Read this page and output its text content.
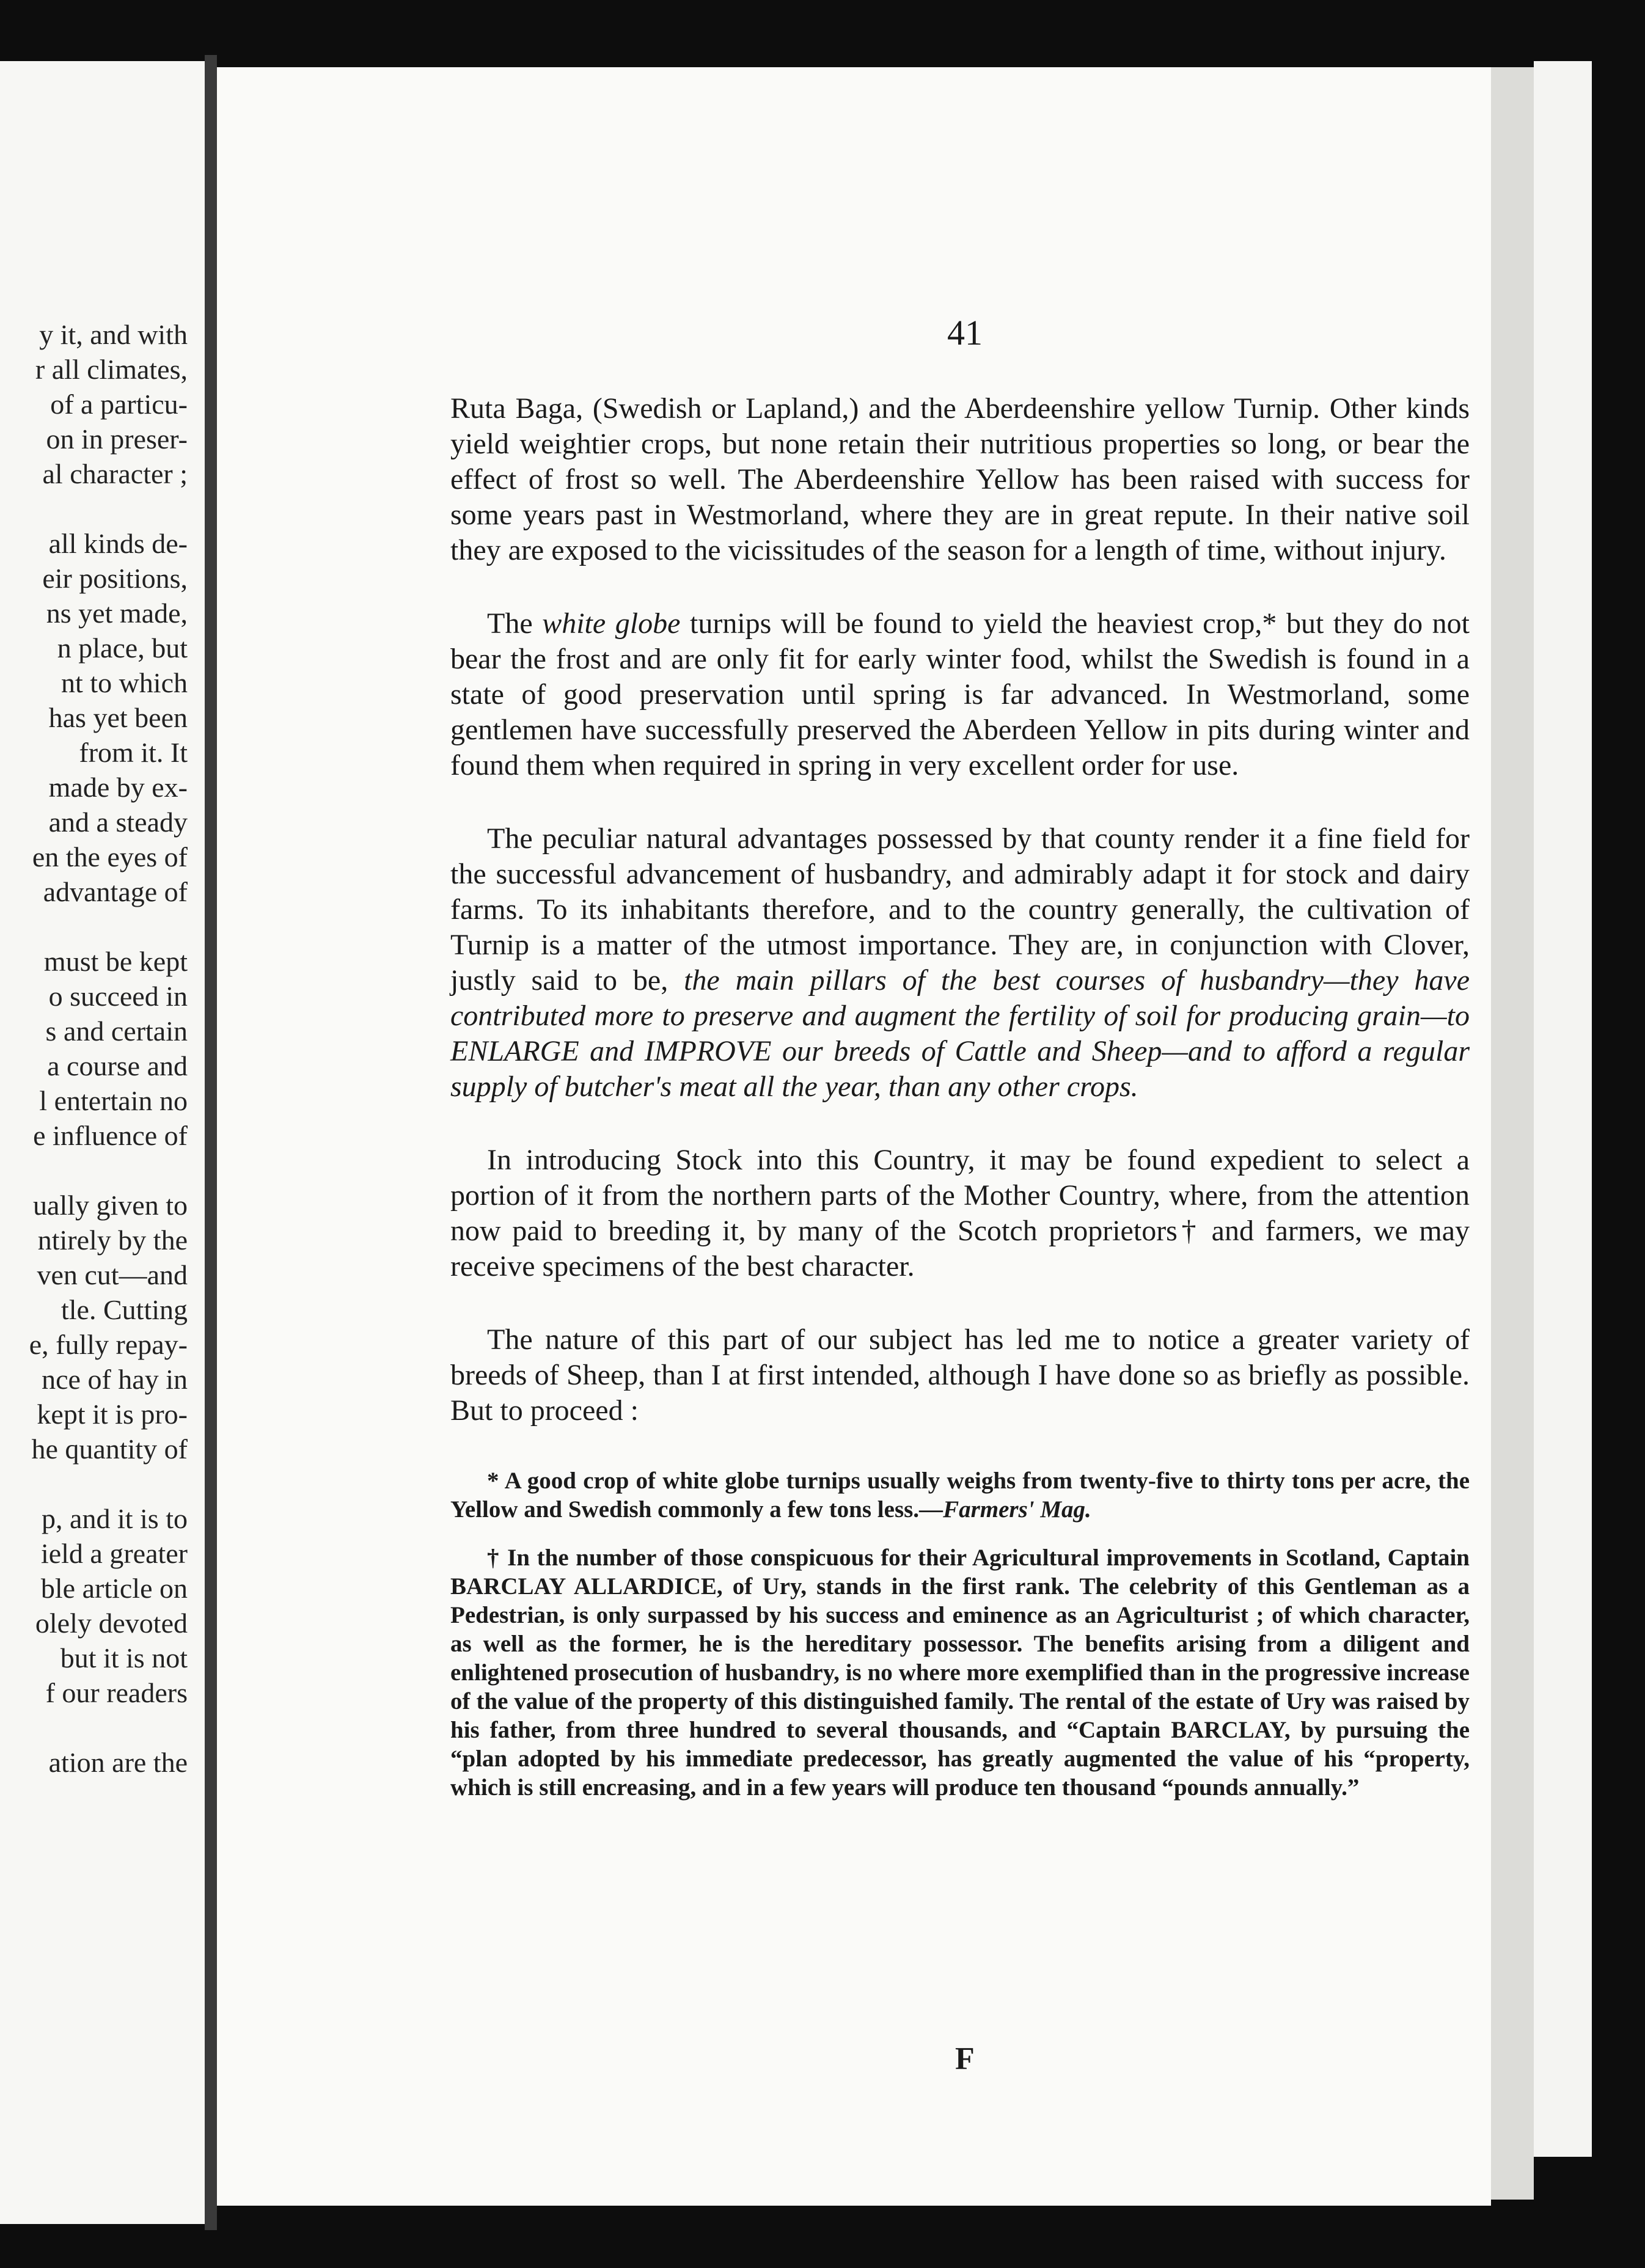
y it, and with
r all climates,
of a particu-
on in preser-
al character ;
all kinds de-
eir positions,
ns yet made,
n place, but
nt to which
has yet been
from it. It
made by ex-
and a steady
en the eyes of
advantage of
must be kept
o succeed in
s and certain
a course and
l entertain no
e influence of
ually given to
ntirely by the
ven cut—and
tle. Cutting
e, fully repay-
nce of hay in
kept it is pro-
he quantity of
p, and it is to
ield a greater
ble article on
olely devoted
but it is not
f our readers
ation are the
41

Ruta Baga, (Swedish or Lapland,) and the Aberdeenshire yellow Turnip. Other kinds yield weightier crops, but none retain their nutritious properties so long, or bear the effect of frost so well. The Aberdeenshire Yellow has been raised with success for some years past in Westmorland, where they are in great repute. In their native soil they are exposed to the vicissitudes of the season for a length of time, without injury.

The white globe turnips will be found to yield the heaviest crop,* but they do not bear the frost and are only fit for early winter food, whilst the Swedish is found in a state of good preservation until spring is far advanced. In Westmorland, some gentlemen have successfully preserved the Aberdeen Yellow in pits during winter and found them when required in spring in very excellent order for use.

The peculiar natural advantages possessed by that county render it a fine field for the successful advancement of husbandry, and admirably adapt it for stock and dairy farms. To its inhabitants therefore, and to the country generally, the cultivation of Turnip is a matter of the utmost importance. They are, in conjunction with Clover, justly said to be, the main pillars of the best courses of husbandry—they have contributed more to preserve and augment the fertility of soil for producing grain—to ENLARGE and IMPROVE our breeds of Cattle and Sheep—and to afford a regular supply of butcher's meat all the year, than any other crops.

In introducing Stock into this Country, it may be found expedient to select a portion of it from the northern parts of the Mother Country, where, from the attention now paid to breeding it, by many of the Scotch proprietors† and farmers, we may receive specimens of the best character.

The nature of this part of our subject has led me to notice a greater variety of breeds of Sheep, than I at first intended, although I have done so as briefly as possible. But to proceed :

* A good crop of white globe turnips usually weighs from twenty-five to thirty tons per acre, the Yellow and Swedish commonly a few tons less.—Farmers' Mag.

† In the number of those conspicuous for their Agricultural improvements in Scotland, Captain BARCLAY ALLARDICE, of Ury, stands in the first rank. The celebrity of this Gentleman as a Pedestrian, is only surpassed by his success and eminence as an Agriculturist ; of which character, as well as the former, he is the hereditary possessor. The benefits arising from a diligent and enlightened prosecution of husbandry, is no where more exemplified than in the progressive increase of the value of the property of this distinguished family. The rental of the estate of Ury was raised by his father, from three hundred to several thousands, and “Captain BARCLAY, by pursuing the “plan adopted by his immediate predecessor, has greatly augmented the value of his “property, which is still encreasing, and in a few years will produce ten thousand “pounds annually.”

F
